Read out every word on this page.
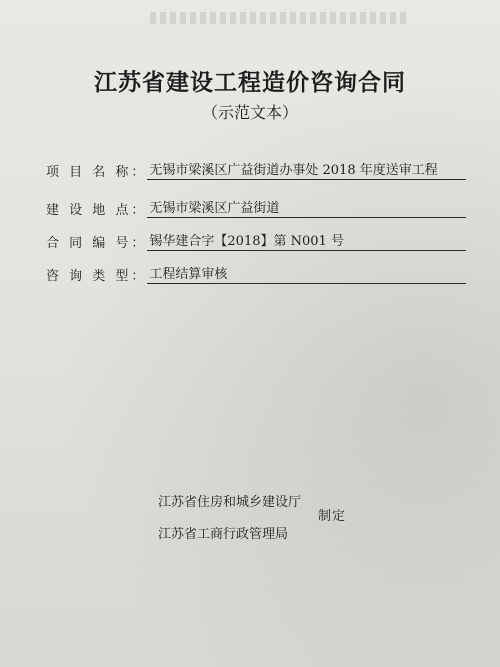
江苏省建设工程造价咨询合同
（示范文本）
项 目 名 称： 无锡市梁溪区广益街道办事处 2018 年度送审工程
建 设 地 点： 无锡市梁溪区广益街道
合 同 编 号： 锡华建合字【2018】第 N001 号
咨 询 类 型： 工程结算审核
江苏省住房和城乡建设厅
江苏省工商行政管理局
制定
